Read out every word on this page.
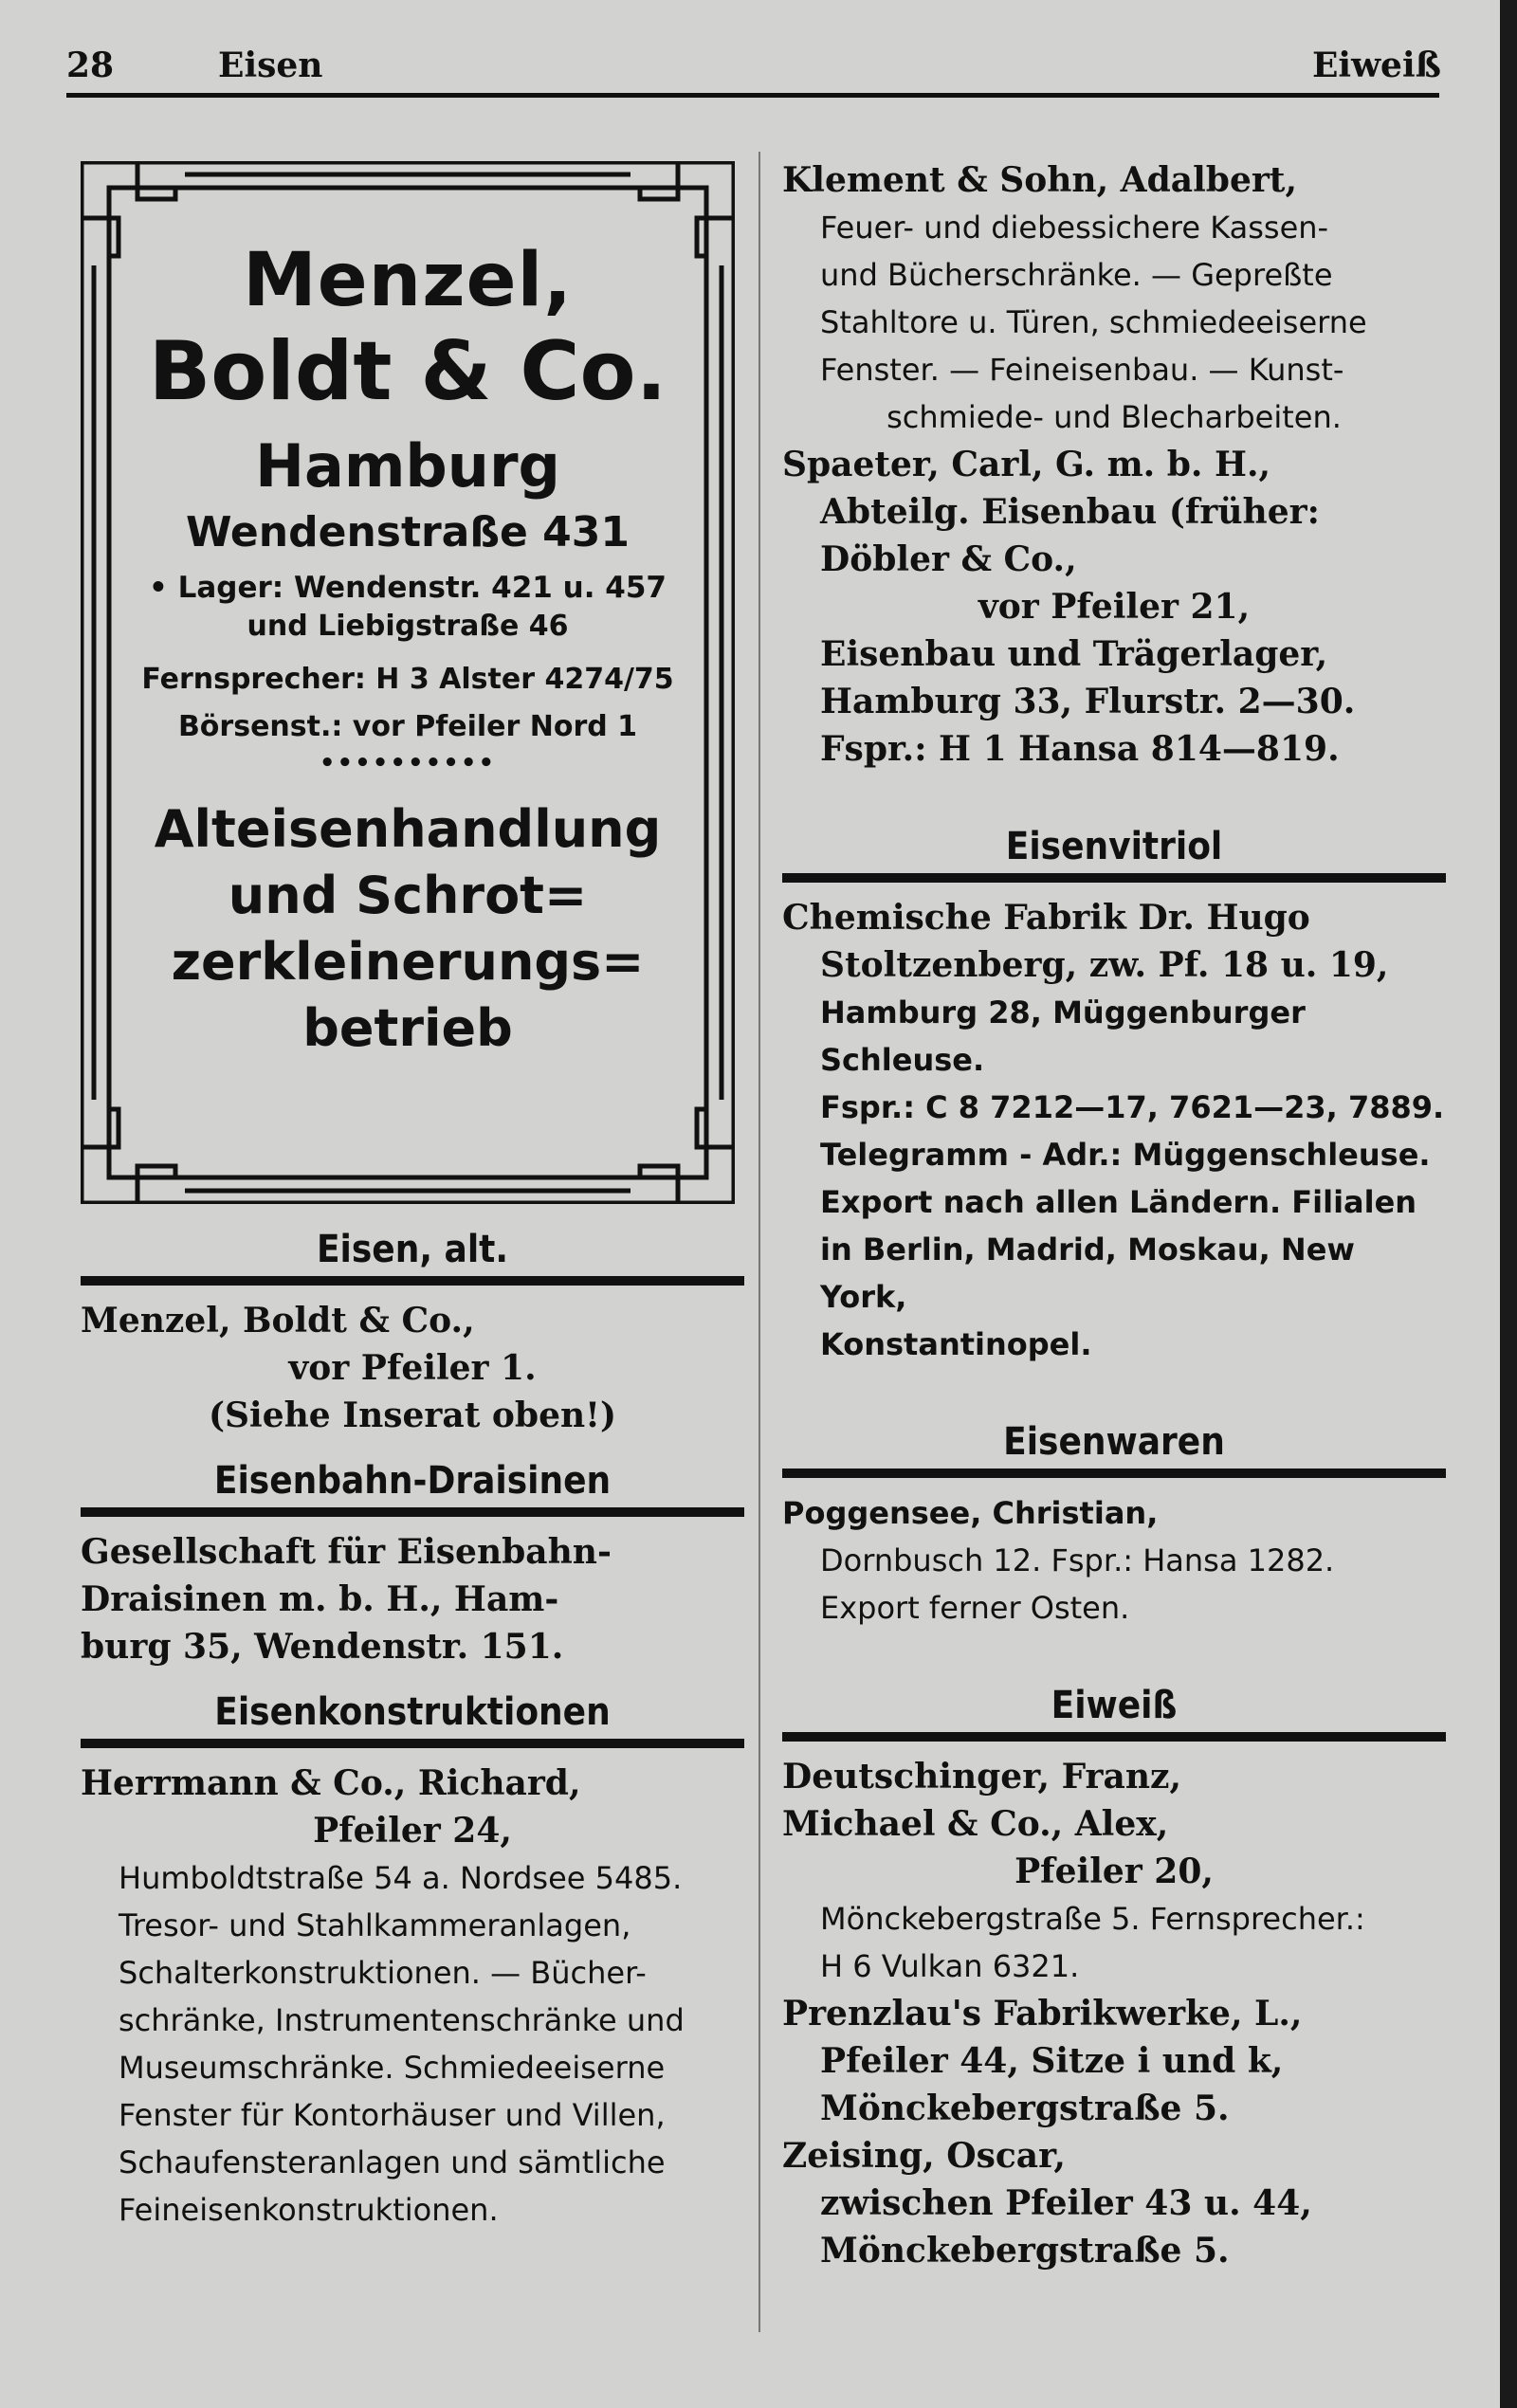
28	Eisen	Eiweiß
Menzel,
Boldt & Co.
Hamburg
Wendenstraße 431
• Lager: Wendenstr. 421 u. 457
und Liebigstraße 46
Fernsprecher: H 3 Alster 4274/75
Börsenst.: vor Pfeiler Nord 1
••••••••••
Alteisenhandlung
und Schrot=
zerkleinerungs=
betrieb
Eisen, alt.
Menzel, Boldt & Co.,
vor Pfeiler 1.
(Siehe Inserat oben!)
Eisenbahn-Draisinen
Gesellschaft für Eisenbahn-
Draisinen m. b. H., Ham-
burg 35, Wendenstr. 151.
Eisenkonstruktionen
Herrmann & Co., Richard,
Pfeiler 24,
Humboldtstraße 54 a. Nordsee 5485.
Tresor- und Stahlkammeranlagen,
Schalterkonstruktionen. — Bücher-
schränke, Instrumentenschränke und
Museumschränke. Schmiedeeiserne
Fenster für Kontorhäuser und Villen,
Schaufensteranlagen und sämtliche
Feineisenkonstruktionen.
Klement & Sohn, Adalbert,
Feuer- und diebessichere Kassen-
und Bücherschränke. — Gepreßte
Stahltore u. Türen, schmiedeeiserne
Fenster. — Feineisenbau. — Kunst-
schmiede- und Blecharbeiten.
Spaeter, Carl, G. m. b. H.,
Abteilg. Eisenbau (früher:
Döbler & Co.,
vor Pfeiler 21,
Eisenbau und Trägerlager,
Hamburg 33, Flurstr. 2—30.
Fspr.: H 1 Hansa 814—819.
Eisenvitriol
Chemische Fabrik Dr. Hugo
Stoltzenberg, zw. Pf. 18 u. 19,
Hamburg 28, Müggenburger Schleuse.
Fspr.: C 8 7212—17, 7621—23, 7889.
Telegramm - Adr.: Müggenschleuse.
Export nach allen Ländern. Filialen
in Berlin, Madrid, Moskau, New York,
Konstantinopel.
Eisenwaren
Poggensee, Christian,
Dornbusch 12. Fspr.: Hansa 1282.
Export ferner Osten.
Eiweiß
Deutschinger, Franz,
Michael & Co., Alex,
Pfeiler 20,
Mönckebergstraße 5. Fernsprecher.:
H 6 Vulkan 6321.
Prenzlau's Fabrikwerke, L.,
Pfeiler 44, Sitze i und k,
Mönckebergstraße 5.
Zeising, Oscar,
zwischen Pfeiler 43 u. 44,
Mönckebergstraße 5.
